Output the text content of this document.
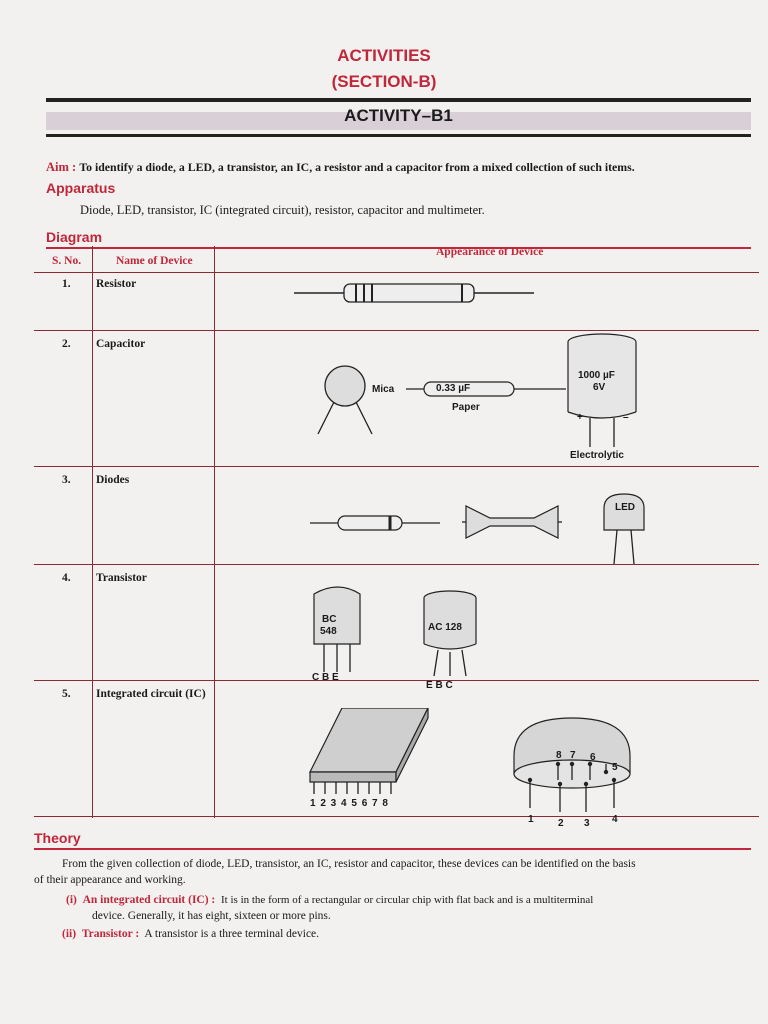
ACTIVITIES
(SECTION-B)
ACTIVITY–B1
Aim : To identify a diode, a LED, a transistor, an IC, a resistor and a capacitor from a mixed collection of such items.
Apparatus
Diode, LED, transistor, IC (integrated circuit), resistor, capacitor and multimeter.
Diagram
S. No.	Name of Device
Appearance of Device
1. Resistor
2. Capacitor
3. Diodes
4. Transistor
5. Integrated circuit (IC)
Mica	0.33 µF
Paper
1000 µF
6V
+	–
Electrolytic
LED
BC
548
C B E
AC 128
E B C
1 2 3 4 5 6 7 8
8 7 6
5
1 2 3 4
Theory
From the given collection of diode, LED, transistor, an IC, resistor and capacitor, these devices can be identified on the basis
of their appearance and working.
(i) An integrated circuit (IC) : It is in the form of a rectangular or circular chip with flat back and is a multiterminal
device. Generally, it has eight, sixteen or more pins.
(ii) Transistor : A transistor is a three terminal device.
